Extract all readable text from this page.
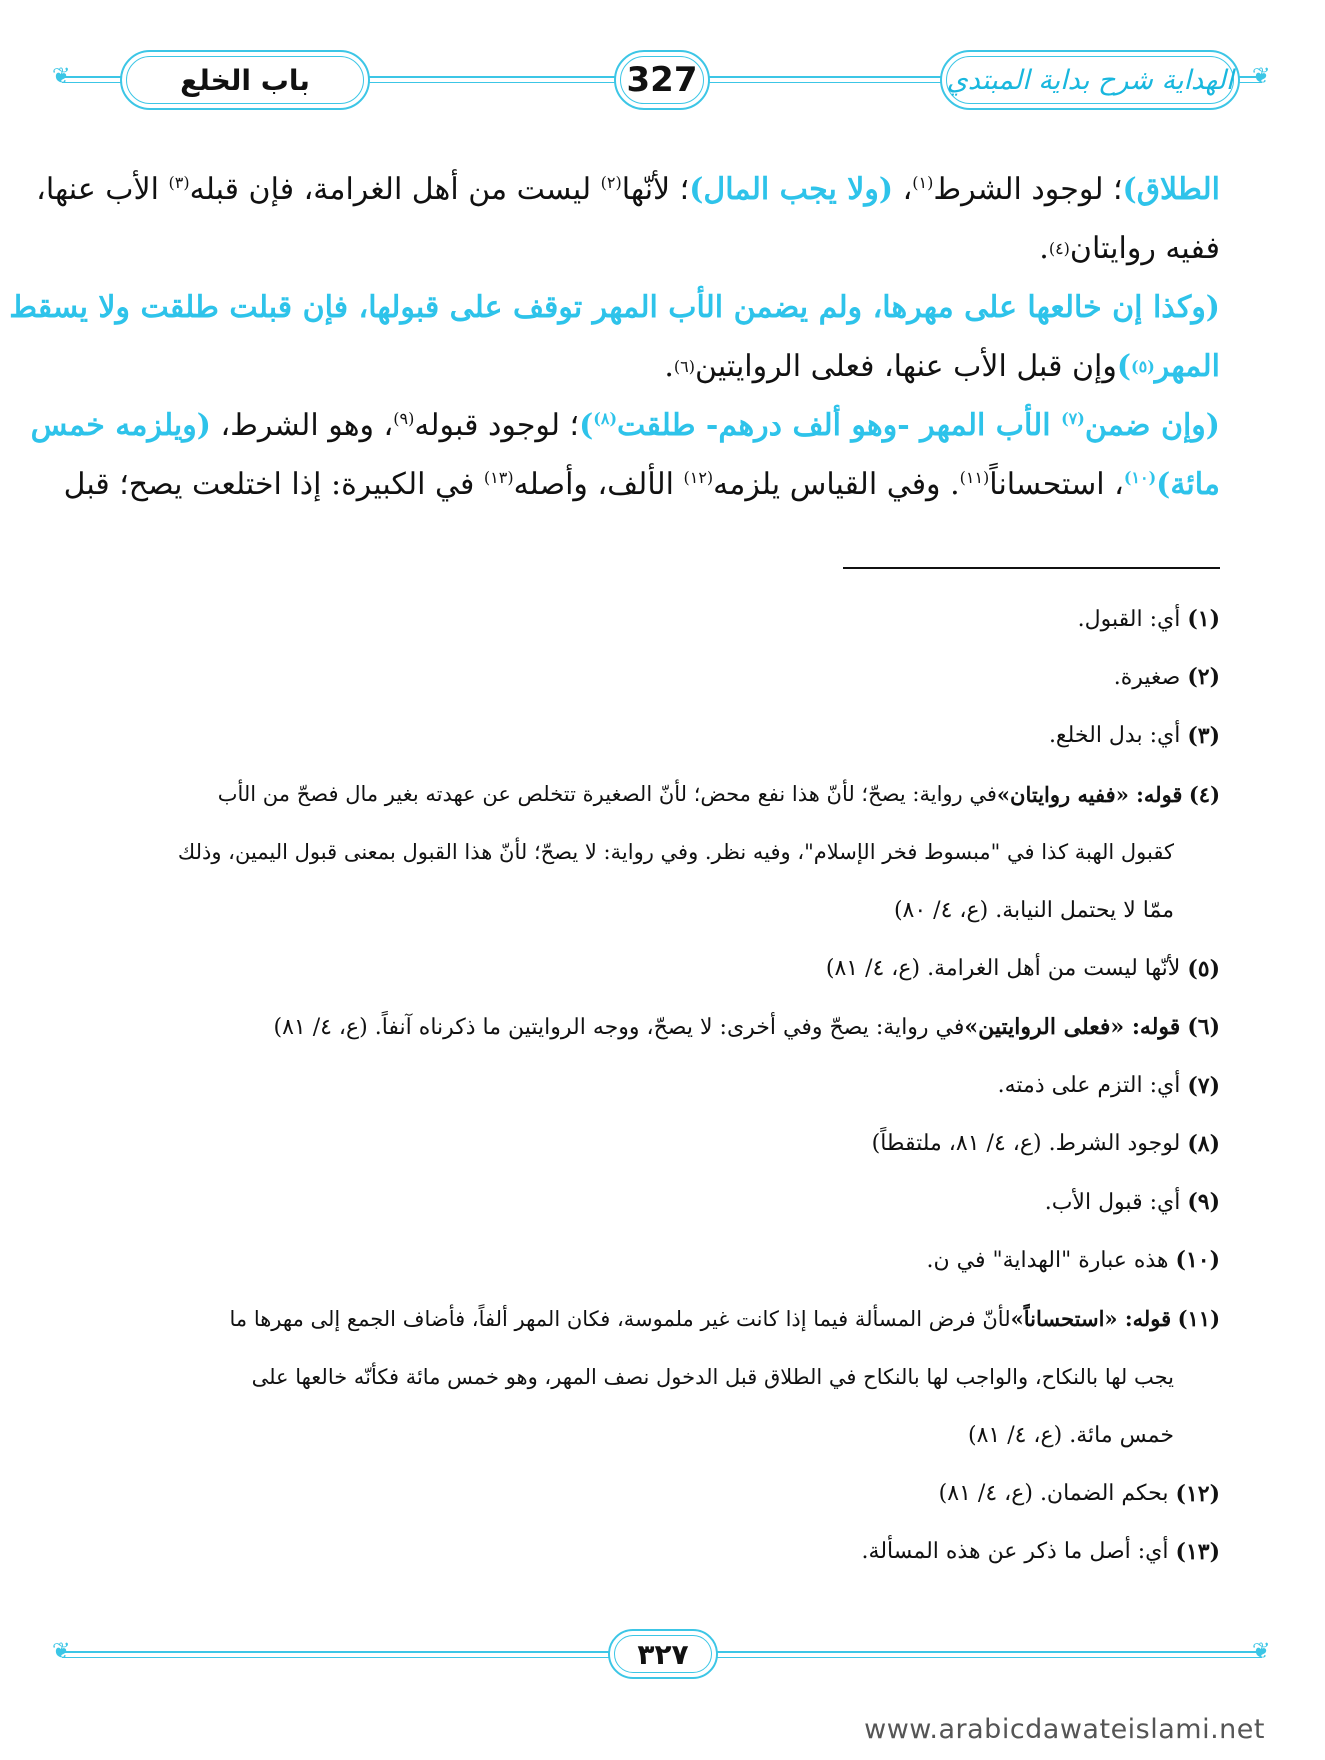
❦	❦
باب الخلع	327	الهداية شرح بداية المبتدي
الطلاق)؛ لوجود الشرط$^{(١)}$، (ولا يجب المال)؛ لأنّها$^{(٢)}$ ليست من أهل الغرامة، فإن قبله$^{(٣)}$ الأب عنها،
ففيه روايتان
(٤)
.
(وكذا إن خالعها على مهرها، ولم يضمن الأب المهر توقف على قبولها، فإن قبلت طلقت ولا يسقط
المهر
(٥)
)
وإن قبل الأب عنها، فعلى الروايتين
(٦)
.
(وإن ضمن$^{(٧)}$ الأب المهر -وهو ألف درهم- طلقت$^{(٨)}$)؛ لوجود قبوله$^{(٩)}$، وهو الشرط، (ويلزمه خمس
مائة)$^{(١٠)}$، استحساناً$^{(١١)}$. وفي القياس يلزمه$^{(١٢)}$ الألف، وأصله$^{(١٣)}$ في الكبيرة: إذا اختلعت يصح؛ قبل
(١)

أي: القبول.
(٢)

صغيرة.
(٣)

أي: بدل الخلع.
(٤)

قوله: «ففيه روايتان»
في رواية: يصحّ؛ لأنّ هذا نفع محض؛ لأنّ الصغيرة تتخلص عن عهدته بغير مال فصحّ من الأب
كقبول الهبة كذا في "مبسوط فخر الإسلام"، وفيه نظر. وفي رواية: لا يصحّ؛ لأنّ هذا القبول بمعنى قبول اليمين، وذلك
ممّا لا يحتمل النيابة. (ع، ٤/ ٨٠)
(٥)

لأنّها ليست من أهل الغرامة. (ع، ٤/ ٨١)
(٦)

قوله: «فعلى الروايتين»
في رواية: يصحّ وفي أخرى: لا يصحّ، ووجه الروايتين ما ذكرناه آنفاً. (ع، ٤/ ٨١)
(٧)

أي: التزم على ذمته.
(٨)

لوجود الشرط. (ع، ٤/ ٨١، ملتقطاً)
(٩)

أي: قبول الأب.
(١٠)

هذه عبارة "الهداية" في ن.
(١١)

قوله: «استحساناً»
لأنّ فرض المسألة فيما إذا كانت غير ملموسة، فكان المهر ألفاً، فأضاف الجمع إلى مهرها ما
يجب لها بالنكاح، والواجب لها بالنكاح في الطلاق قبل الدخول نصف المهر، وهو خمس مائة فكأنّه خالعها على
خمس مائة. (ع، ٤/ ٨١)
(١٢)

بحكم الضمان. (ع، ٤/ ٨١)
(١٣)

أي: أصل ما ذكر عن هذه المسألة.
❦	❦
٣٢٧
www.arabicdawateislami.net
